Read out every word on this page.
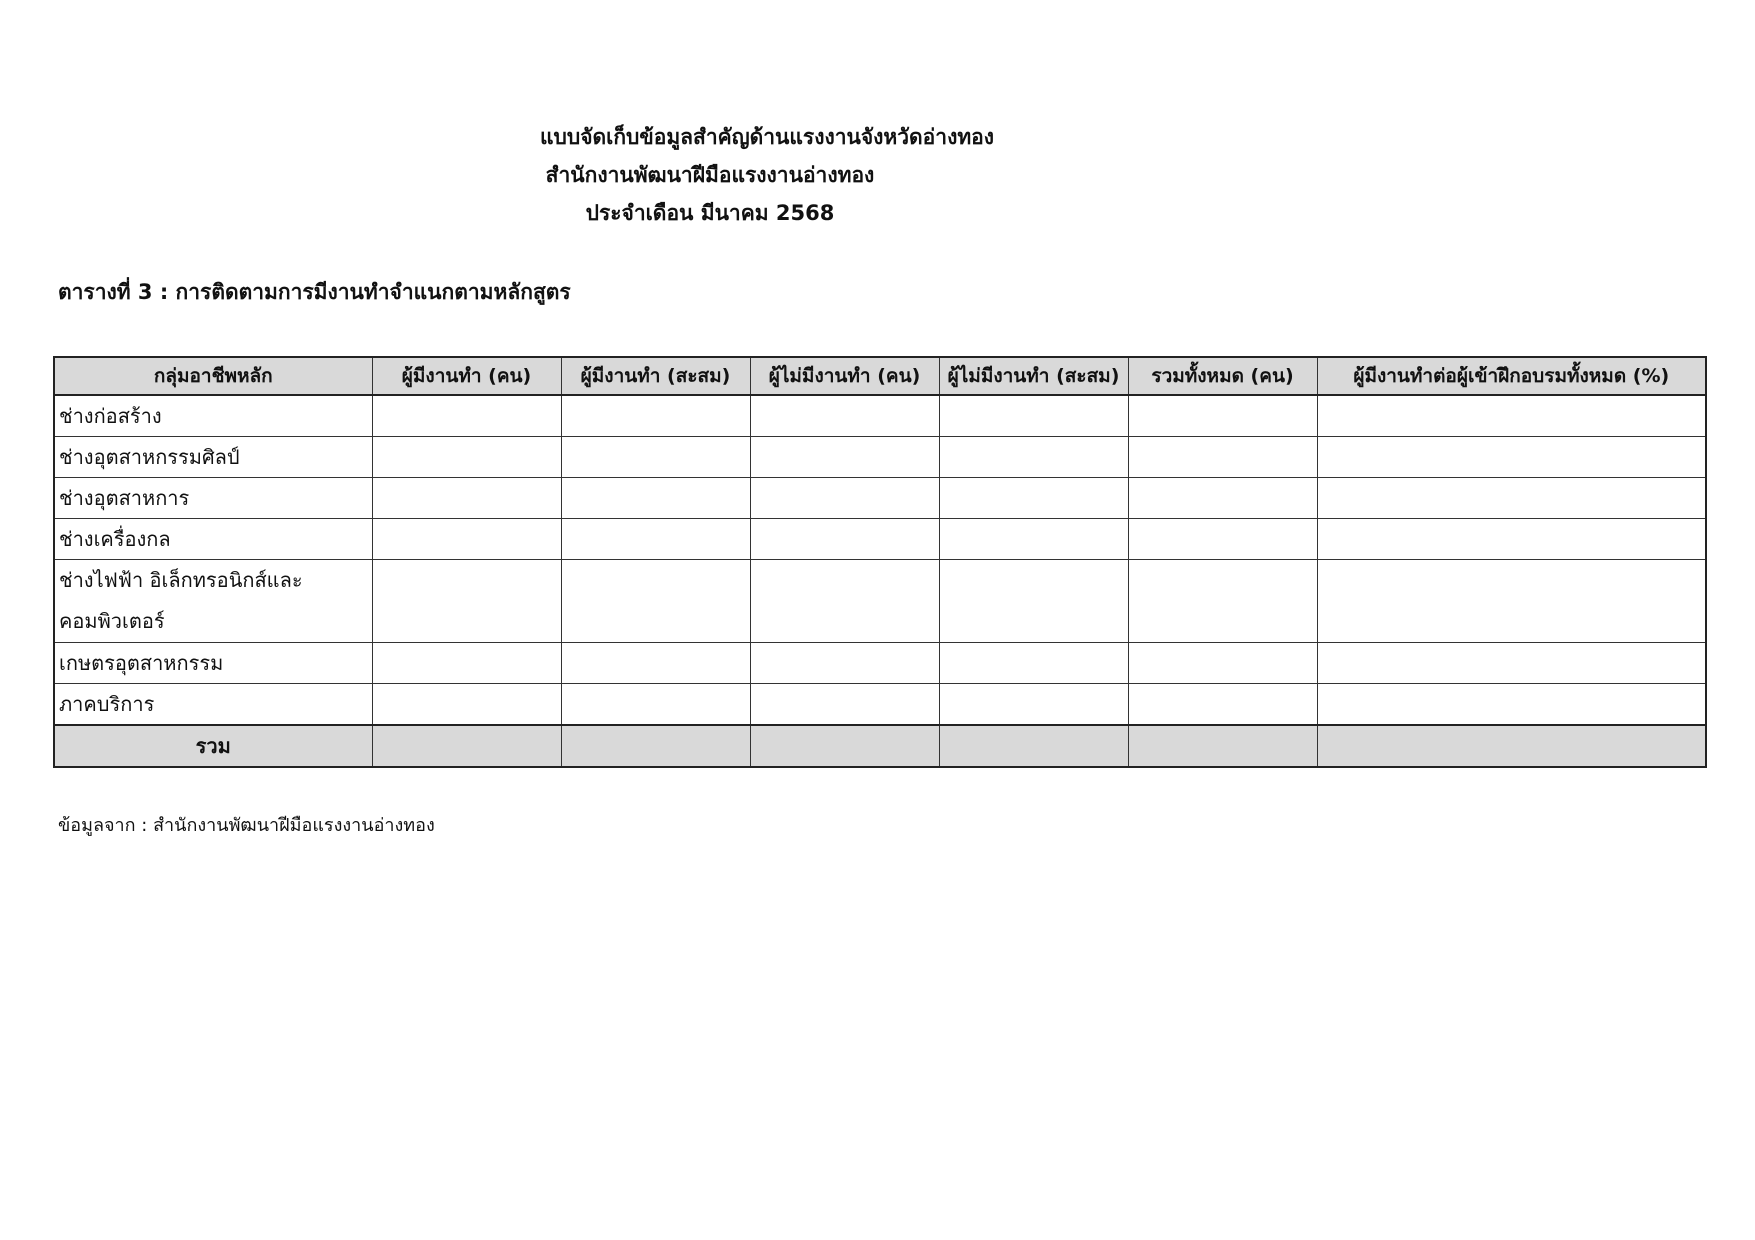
แบบจัดเก็บข้อมูลสำคัญด้านแรงงานจังหวัดอ่างทอง
สำนักงานพัฒนาฝีมือแรงงานอ่างทอง
ประจำเดือน มีนาคม 2568
ตารางที่ 3 : การติดตามการมีงานทำจำแนกตามหลักสูตร
กลุ่มอาชีพหลัก	ผู้มีงานทำ (คน)	ผู้มีงานทำ (สะสม)	ผู้ไม่มีงานทำ (คน)	ผู้ไม่มีงานทำ (สะสม)	รวมทั้งหมด (คน)	ผู้มีงานทำต่อผู้เข้าฝึกอบรมทั้งหมด (%)
ช่างก่อสร้าง						
ช่างอุตสาหกรรมศิลป์						
ช่างอุตสาหการ						
ช่างเครื่องกล						
ช่างไฟฟ้า อิเล็กทรอนิกส์และคอมพิวเตอร์						
เกษตรอุตสาหกรรม						
ภาคบริการ						
รวม						
ข้อมูลจาก : สำนักงานพัฒนาฝีมือแรงงานอ่างทอง
